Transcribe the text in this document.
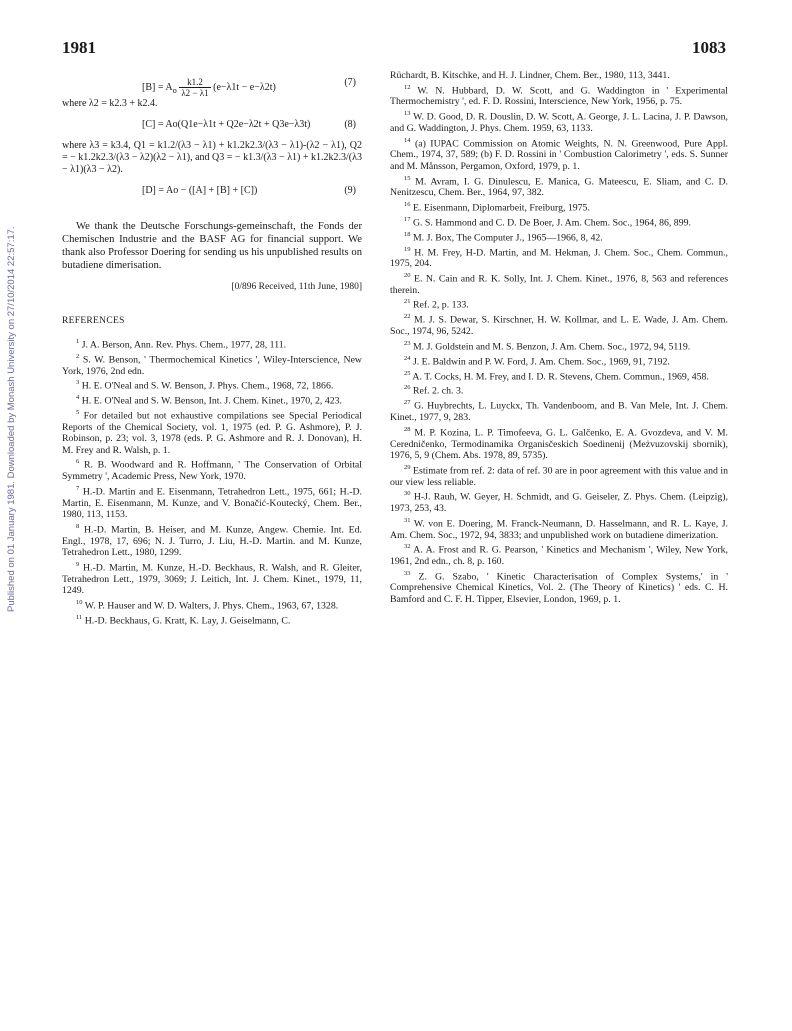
1981	1083
Published on 01 January 1981. Downloaded by Monash University on 27/10/2014 22:57:17.
$[B] = A_o \frac{k1.2}{\lambda 2 - \lambda 1} (e-\lambda 1t - e-\lambda 2t)$	(7)

where λ2 = k2.3 + k2.4.

[C] = Ao(Q1e−λ1t + Q2e−λ2t + Q3e−λ3t)	(8)

where λ3 = k3.4, Q1 = k1.2/(λ3 − λ1) + k1.2k2.3/(λ3 − λ1)-(λ2 − λ1), Q2 = − k1.2k2.3/(λ3 − λ2)(λ2 − λ1), and Q3 = − k1.3/(λ3 − λ1) + k1.2k2.3/(λ3 − λ1)(λ3 − λ2).

[D] = Ao − ([A] + [B] + [C])	(9)

We thank the Deutsche Forschungs-gemeinschaft, the Fonds der Chemischen Industrie and the BASF AG for financial support. We thank also Professor Doering for sending us his unpublished results on butadiene dimerisation.

[0/896 Received, 11th June, 1980]
REFERENCES

$^1$ J. A. Berson, Ann. Rev. Phys. Chem., 1977, 28, 111.

$^2$ S. W. Benson, ' Thermochemical Kinetics ', Wiley-Interscience, New York, 1976, 2nd edn.

$^3$ H. E. O'Neal and S. W. Benson, J. Phys. Chem., 1968, 72, 1866.

$^4$ H. E. O'Neal and S. W. Benson, Int. J. Chem. Kinet., 1970, 2, 423.

$^5$ For detailed but not exhaustive compilations see Special Periodical Reports of the Chemical Society, vol. 1, 1975 (ed. P. G. Ashmore), P. J. Robinson, p. 23; vol. 3, 1978 (eds. P. G. Ashmore and R. J. Donovan), H. M. Frey and R. Walsh, p. 1.

$^6$ R. B. Woodward and R. Hoffmann, ' The Conservation of Orbital Symmetry ', Academic Press, New York, 1970.

$^7$ H.-D. Martin and E. Eisenmann, Tetrahedron Lett., 1975, 661; H.-D. Martin, E. Eisenmann, M. Kunze, and V. Bonačić-Koutecký, Chem. Ber., 1980, 113, 1153.

$^8$ H.-D. Martin, B. Heiser, and M. Kunze, Angew. Chemie. Int. Ed. Engl., 1978, 17, 696; N. J. Turro, J. Liu, H.-D. Martin. and M. Kunze, Tetrahedron Lett., 1980, 1299.

$^9$ H.-D. Martin, M. Kunze, H.-D. Beckhaus, R. Walsh, and R. Gleiter, Tetrahedron Lett., 1979, 3069; J. Leitich, Int. J. Chem. Kinet., 1979, 11, 1249.

$^{10}$ W. P. Hauser and W. D. Walters, J. Phys. Chem., 1963, 67, 1328.

$^{11}$ H.-D. Beckhaus, G. Kratt, K. Lay, J. Geiselmann, C.

Rüchardt, B. Kitschke, and H. J. Lindner, Chem. Ber., 1980, 113, 3441.

$^{12}$ W. N. Hubbard, D. W. Scott, and G. Waddington in ' Experimental Thermochemistry ', ed. F. D. Rossini, Interscience, New York, 1956, p. 75.

$^{13}$ W. D. Good, D. R. Douslin, D. W. Scott, A. George, J. L. Lacina, J. P. Dawson, and G. Waddington, J. Phys. Chem. 1959, 63, 1133.

$^{14}$ (a) IUPAC Commission on Atomic Weights, N. N. Greenwood, Pure Appl. Chem., 1974, 37, 589; (b) F. D. Rossini in ' Combustion Calorimetry ', eds. S. Sunner and M. Månsson, Pergamon, Oxford, 1979, p. 1.

$^{15}$ M. Avram, I. G. Dinulescu, E. Manica, G. Mateescu, E. Sliam, and C. D. Nenitzescu, Chem. Ber., 1964, 97, 382.

$^{16}$ E. Eisenmann, Diplomarbeit, Freiburg, 1975.

$^{17}$ G. S. Hammond and C. D. De Boer, J. Am. Chem. Soc., 1964, 86, 899.

$^{18}$ M. J. Box, The Computer J., 1965—1966, 8, 42.

$^{19}$ H. M. Frey, H-D. Martin, and M. Hekman, J. Chem. Soc., Chem. Commun., 1975, 204.

$^{20}$ E. N. Cain and R. K. Solly, Int. J. Chem. Kinet., 1976, 8, 563 and references therein.

$^{21}$ Ref. 2, p. 133.

$^{22}$ M. J. S. Dewar, S. Kirschner, H. W. Kollmar, and L. E. Wade, J. Am. Chem. Soc., 1974, 96, 5242.

$^{23}$ M. J. Goldstein and M. S. Benzon, J. Am. Chem. Soc., 1972, 94, 5119.

$^{24}$ J. E. Baldwin and P. W. Ford, J. Am. Chem. Soc., 1969, 91, 7192.

$^{25}$ A. T. Cocks, H. M. Frey, and I. D. R. Stevens, Chem. Commun., 1969, 458.

$^{26}$ Ref. 2. ch. 3.

$^{27}$ G. Huybrechts, L. Luyckx, Th. Vandenboom, and B. Van Mele, Int. J. Chem. Kinet., 1977, 9, 283.

$^{28}$ M. P. Kozina, L. P. Timofeeva, G. L. Galčenko, E. A. Gvozdeva, and V. M. Ceredničenko, Termodinamika Organisčeskich Soedinenij (Meżvuzovskij sbornik), 1976, 5, 9 (Chem. Abs. 1978, 89, 5735).

$^{29}$ Estimate from ref. 2: data of ref. 30 are in poor agreement with this value and in our view less reliable.

$^{30}$ H-J. Rauh, W. Geyer, H. Schmidt, and G. Geiseler, Z. Phys. Chem. (Leipzig), 1973, 253, 43.

$^{31}$ W. von E. Doering, M. Franck-Neumann, D. Hasselmann, and R. L. Kaye, J. Am. Chem. Soc., 1972, 94, 3833; and unpublished work on butadiene dimerization.

$^{32}$ A. A. Frost and R. G. Pearson, ' Kinetics and Mechanism ', Wiley, New York, 1961, 2nd edn., ch. 8, p. 160.

$^{33}$ Z. G. Szabo, ' Kinetic Characterisation of Complex Systems,' in ' Comprehensive Chemical Kinetics, Vol. 2. (The Theory of Kinetics) ' eds. C. H. Bamford and C. F. H. Tipper, Elsevier, London, 1969, p. 1.
